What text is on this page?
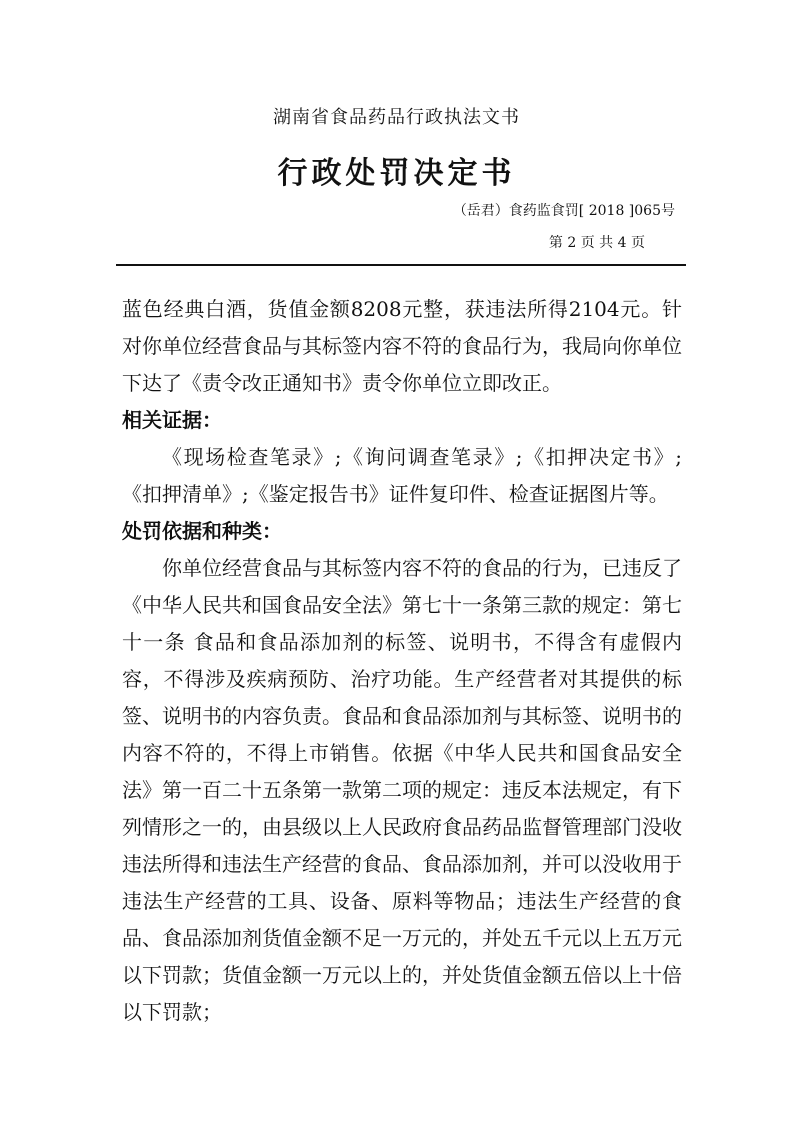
湖南省食品药品行政执法文书
行政处罚决定书
（岳君）食药监食罚[ 2018 ]065号
第 2 页 共 4 页

蓝色经典白酒，货值金额8208元整，获违法所得2104元。针对你单位经营食品与其标签内容不符的食品行为，我局向你单位下达了《责令改正通知书》责令你单位立即改正。

相关证据：

《现场检查笔录》;《询问调查笔录》;《扣押决定书》;《扣押清单》;《鉴定报告书》证件复印件、检查证据图片等。

处罚依据和种类：

你单位经营食品与其标签内容不符的食品的行为，已违反了《中华人民共和国食品安全法》第七十一条第三款的规定：第七十一条 食品和食品添加剂的标签、说明书，不得含有虚假内容，不得涉及疾病预防、治疗功能。生产经营者对其提供的标签、说明书的内容负责。食品和食品添加剂与其标签、说明书的内容不符的，不得上市销售。依据《中华人民共和国食品安全法》第一百二十五条第一款第二项的规定：违反本法规定，有下列情形之一的，由县级以上人民政府食品药品监督管理部门没收违法所得和违法生产经营的食品、食品添加剂，并可以没收用于违法生产经营的工具、设备、原料等物品；违法生产经营的食品、食品添加剂货值金额不足一万元的，并处五千元以上五万元以下罚款；货值金额一万元以上的，并处货值金额五倍以上十倍以下罚款；
